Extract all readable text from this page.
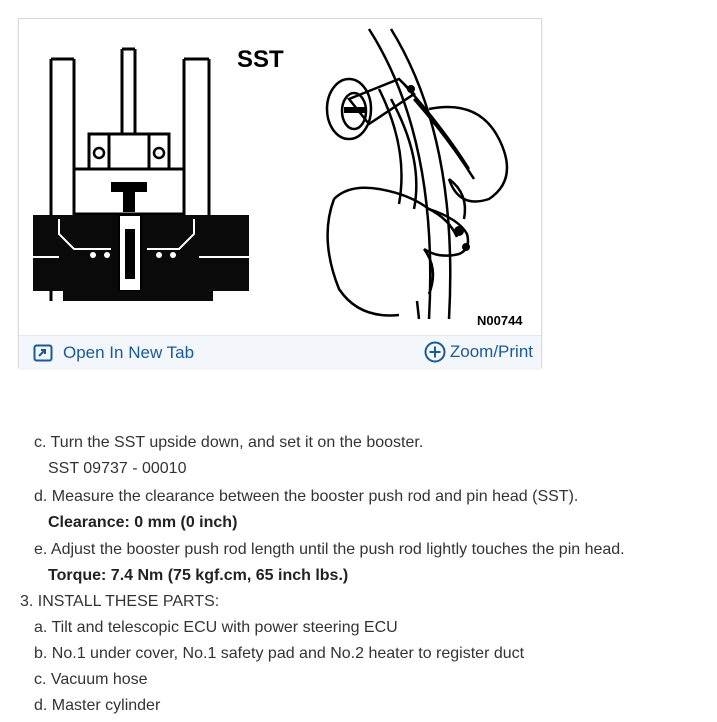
SST
N00744
Open In New Tab	Zoom/Print
c. Turn the SST upside down, and set it on the booster.
SST 09737 - 00010
d. Measure the clearance between the booster push rod and pin head (SST).
Clearance: 0 mm (0 inch)
e. Adjust the booster push rod length until the push rod lightly touches the pin head.
Torque: 7.4 Nm (75 kgf.cm, 65 inch lbs.)
3. INSTALL THESE PARTS:
a. Tilt and telescopic ECU with power steering ECU
b. No.1 under cover, No.1 safety pad and No.2 heater to register duct
c. Vacuum hose
d. Master cylinder
